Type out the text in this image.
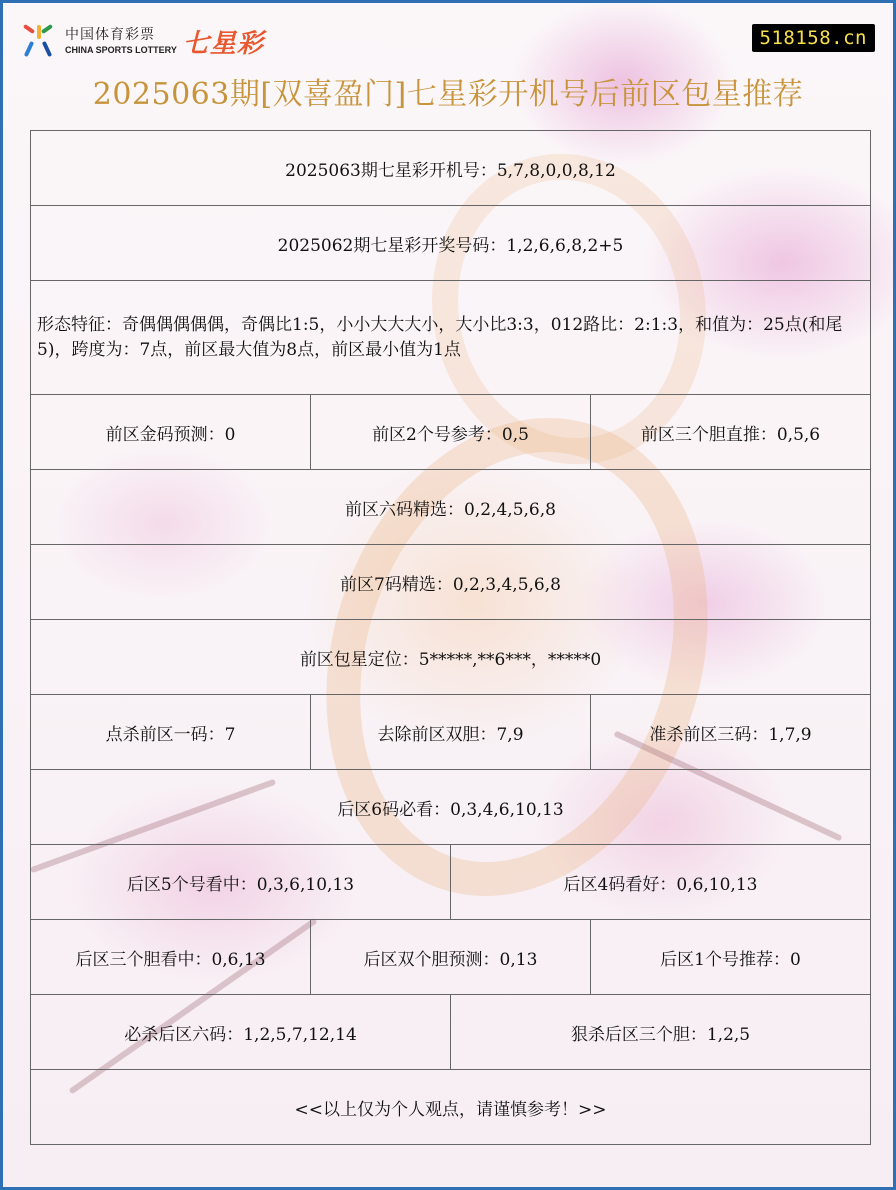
中国体育彩票
CHINA SPORTS LOTTERY 七星彩	518158.cn
2025063期[双喜盈门]七星彩开机号后前区包星推荐
2025063期七星彩开机号：5,7,8,0,0,8,12
2025062期七星彩开奖号码：1,2,6,6,8,2+5
形态特征：奇偶偶偶偶偶，奇偶比1:5，小小大大大小，大小比3:3，012路比：2:1:3，和值为：25点(和尾5)，跨度为：7点，前区最大值为8点，前区最小值为1点
前区金码预测：0	前区2个号参考：0,5	前区三个胆直推：0,5,6
前区六码精选：0,2,4,5,6,8
前区7码精选：0,2,3,4,5,6,8
前区包星定位：5*****,**6***，*****0
点杀前区一码：7	去除前区双胆：7,9	准杀前区三码：1,7,9
后区6码必看：0,3,4,6,10,13
后区5个号看中：0,3,6,10,13	后区4码看好：0,6,10,13
后区三个胆看中：0,6,13	后区双个胆预测：0,13	后区1个号推荐：0
必杀后区六码：1,2,5,7,12,14	狠杀后区三个胆：1,2,5
<<以上仅为个人观点，请谨慎参考！>>
